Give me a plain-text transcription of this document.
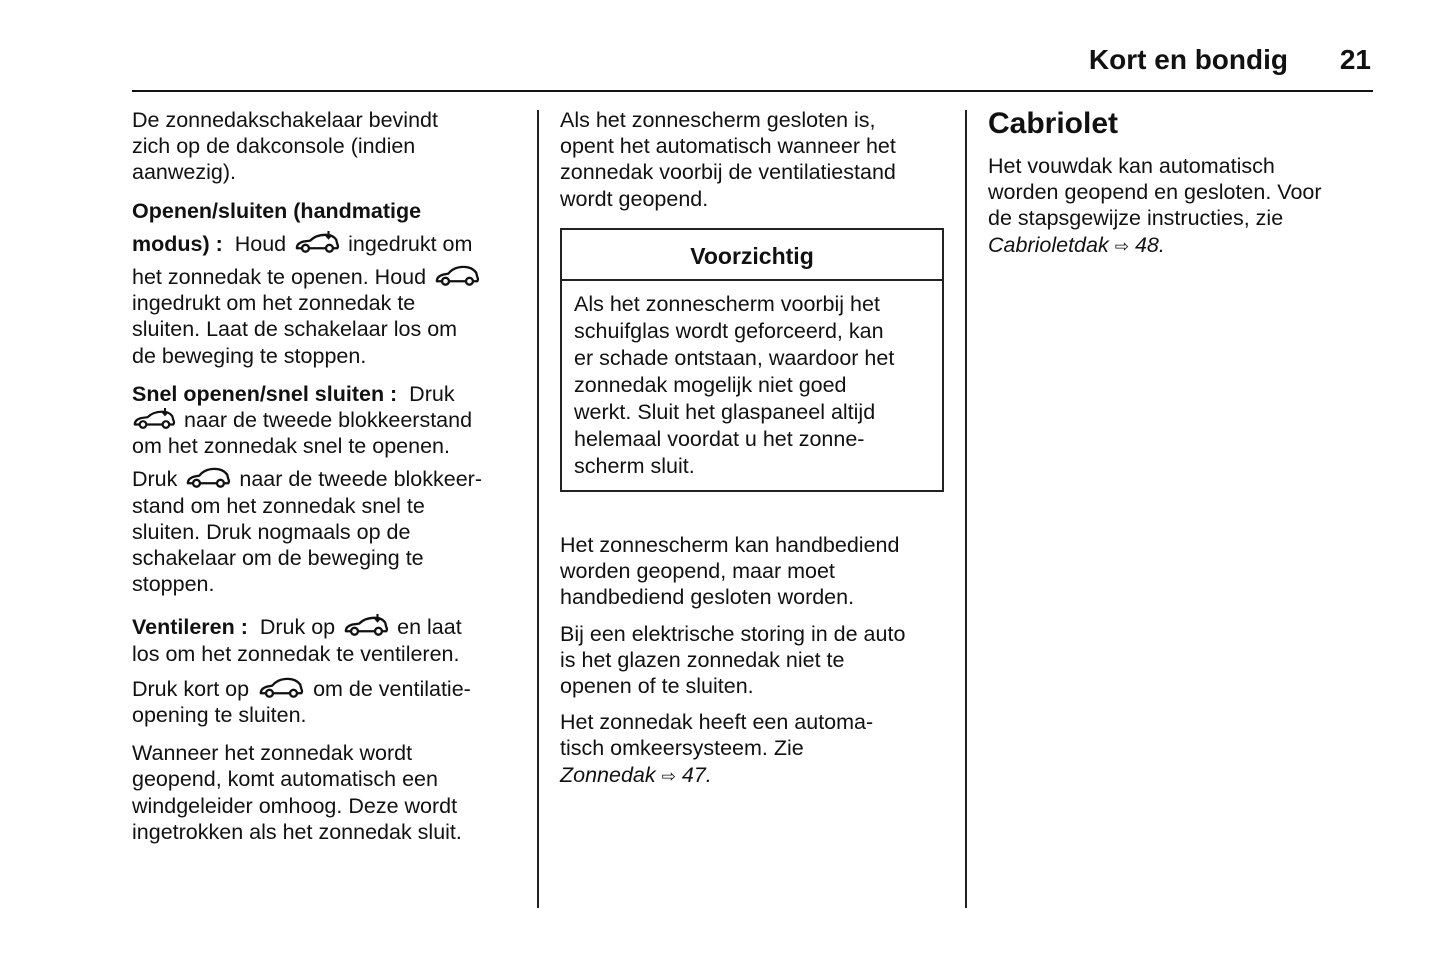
Kort en bondig 21

De zonnedakschakelaar bevindt
zich op de dakconsole (indien
aanwezig).

Openen/sluiten (handmatige
modus) : Houd	ingedrukt om
het zonnedak te openen. Houd
ingedrukt om het zonnedak te
sluiten. Laat de schakelaar los om
de beweging te stoppen.

Snel openen/snel sluiten : Druk
naar de tweede blokkeerstand
om het zonnedak snel te openen.
Druk	naar de tweede blokkeer-
stand om het zonnedak snel te
sluiten. Druk nogmaals op de
schakelaar om de beweging te
stoppen.

Ventileren : Druk op	en laat
los om het zonnedak te ventileren.
Druk kort op	om de ventilatie-
opening te sluiten.

Wanneer het zonnedak wordt
geopend, komt automatisch een
windgeleider omhoog. Deze wordt
ingetrokken als het zonnedak sluit.

Als het zonnescherm gesloten is,
opent het automatisch wanneer het
zonnedak voorbij de ventilatiestand
wordt geopend.

Voorzichtig
Als het zonnescherm voorbij het
schuifglas wordt geforceerd, kan
er schade ontstaan, waardoor het
zonnedak mogelijk niet goed
werkt. Sluit het glaspaneel altijd
helemaal voordat u het zonne-
scherm sluit.

Het zonnescherm kan handbediend
worden geopend, maar moet
handbediend gesloten worden.

Bij een elektrische storing in de auto
is het glazen zonnedak niet te
openen of te sluiten.

Het zonnedak heeft een automa-
tisch omkeersysteem. Zie
Zonnedak ⇨ 47.

Cabriolet

Het vouwdak kan automatisch
worden geopend en gesloten. Voor
de stapsgewijze instructies, zie
Cabrioletdak ⇨ 48.
